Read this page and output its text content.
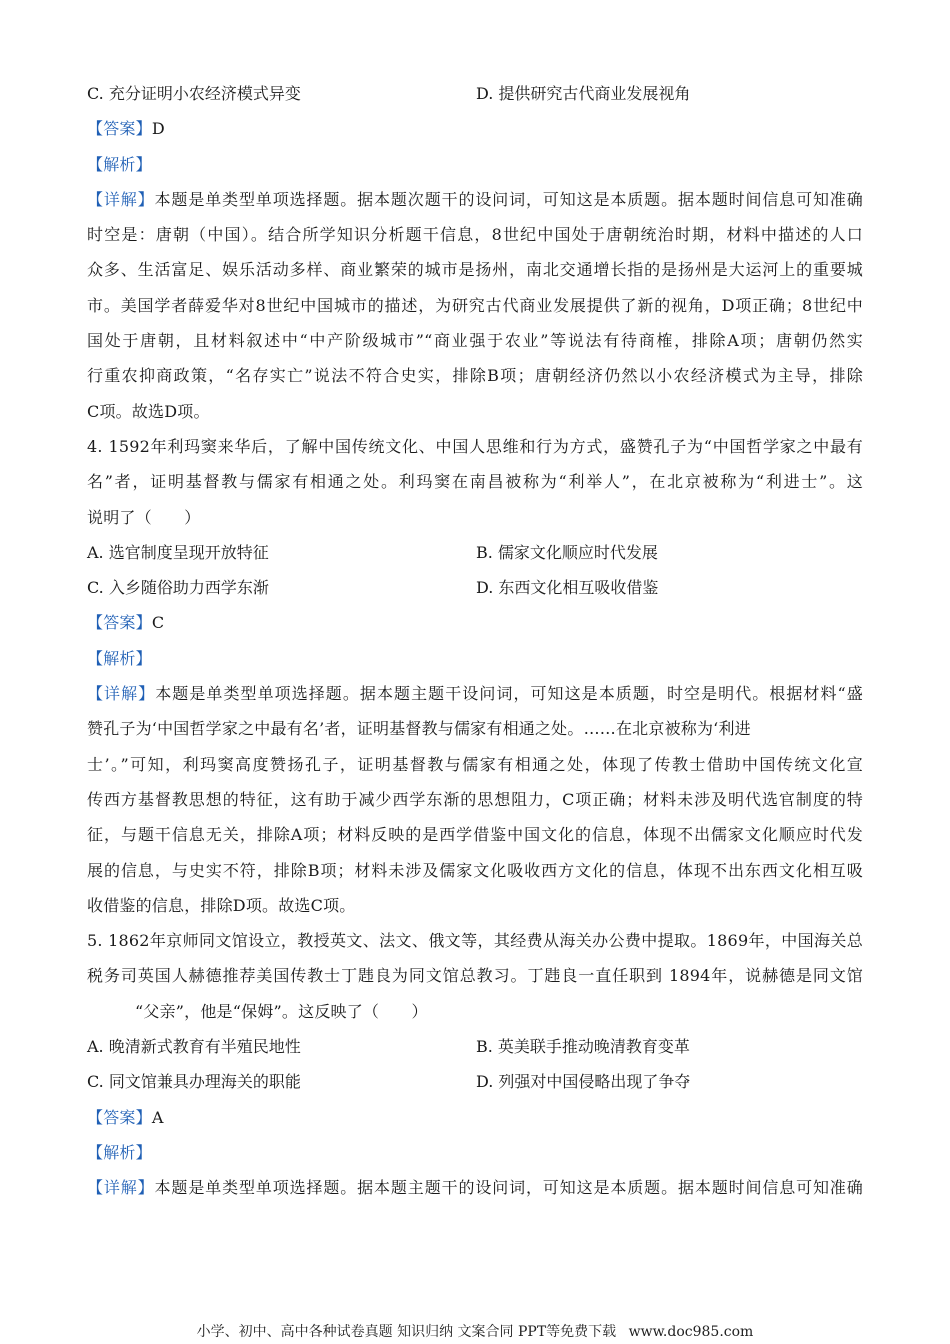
C. 充分证明小农经济模式异变	D. 提供研究古代商业发展视角
【答案】D
【解析】
【详解】本题是单类型单项选择题。据本题次题干的设问词，可知这是本质题。据本题时间信息可知准确
时空是：唐朝（中国）。结合所学知识分析题干信息，8世纪中国处于唐朝统治时期，材料中描述的人口
众多、生活富足、娱乐活动多样、商业繁荣的城市是扬州，南北交通增长指的是扬州是大运河上的重要城
市。美国学者薛爱华对8世纪中国城市的描述，为研究古代商业发展提供了新的视角，D项正确；8世纪中
国处于唐朝，且材料叙述中“中产阶级城市”“商业强于农业”等说法有待商榷，排除A项；唐朝仍然实
行重农抑商政策，“名存实亡”说法不符合史实，排除B项；唐朝经济仍然以小农经济模式为主导，排除
C项。故选D项。
4. 1592年利玛窦来华后，了解中国传统文化、中国人思维和行为方式，盛赞孔子为“中国哲学家之中最有
名”者，证明基督教与儒家有相通之处。利玛窦在南昌被称为“利举人”，在北京被称为“利进士”。这
说明了（　　）
A. 选官制度呈现开放特征	B. 儒家文化顺应时代发展
C. 入乡随俗助力西学东渐	D. 东西文化相互吸收借鉴
【答案】C
【解析】
【详解】本题是单类型单项选择题。据本题主题干设问词，可知这是本质题，时空是明代。根据材料“盛
赞孔子为‘中国哲学家之中最有名’者，证明基督教与儒家有相通之处。……在北京被称为‘利进
士’。”可知，利玛窦高度赞扬孔子，证明基督教与儒家有相通之处，体现了传教士借助中国传统文化宣
传西方基督教思想的特征，这有助于减少西学东渐的思想阻力，C项正确；材料未涉及明代选官制度的特
征，与题干信息无关，排除A项；材料反映的是西学借鉴中国文化的信息，体现不出儒家文化顺应时代发
展的信息，与史实不符，排除B项；材料未涉及儒家文化吸收西方文化的信息，体现不出东西文化相互吸
收借鉴的信息，排除D项。故选C项。
5. 1862年京师同文馆设立，教授英文、法文、俄文等，其经费从海关办公费中提取。1869年，中国海关总
税务司英国人赫德推荐美国传教士丁韪良为同文馆总教习。丁韪良一直任职到 1894年，说赫德是同文馆
“父亲”，他是“保姆”。这反映了（　　）
A. 晚清新式教育有半殖民地性	B. 英美联手推动晚清教育变革
C. 同文馆兼具办理海关的职能	D. 列强对中国侵略出现了争夺
【答案】A
【解析】
【详解】本题是单类型单项选择题。据本题主题干的设问词，可知这是本质题。据本题时间信息可知准确
小学、初中、高中各种试卷真题 知识归纳 文案合同 PPT等免费下载 www.doc985.com
